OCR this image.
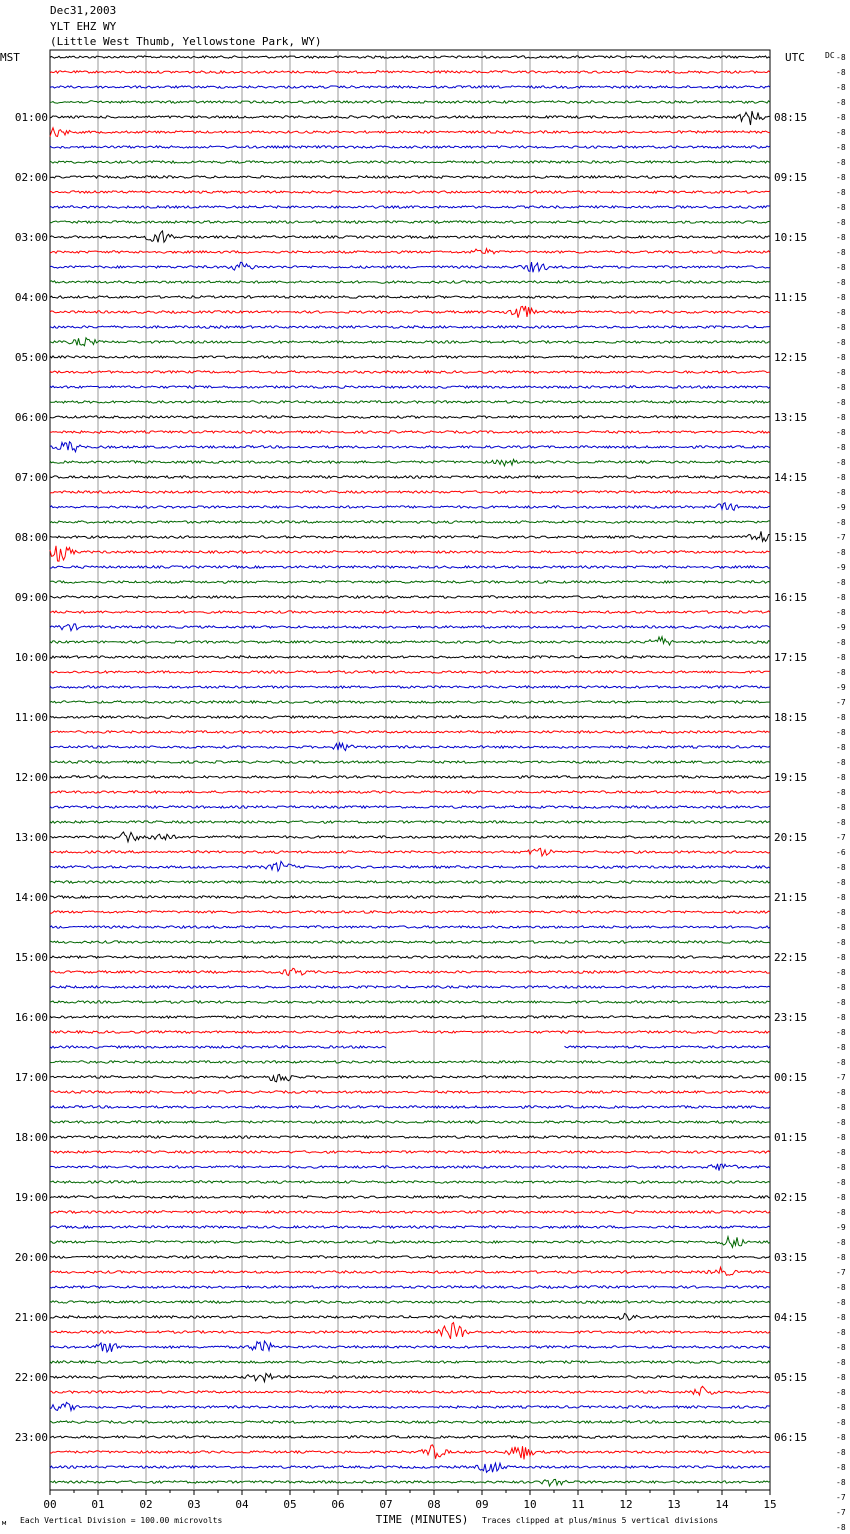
Dec31,2003
YLT EHZ WY
(Little West Thumb, Yellowstone Park, WY)
MST
01:00
02:00
03:00
04:00
05:00
06:00
07:00
08:00
09:00
10:00
11:00
12:00
13:00
14:00
15:00
16:00
17:00
18:00
19:00
20:00
21:00
22:00
23:00
UTC
08:15
09:15
10:15
11:15
12:15
13:15
14:15
15:15
16:15
17:15
18:15
19:15
20:15
21:15
22:15
23:15
00:15
01:15
02:15
03:15
04:15
05:15
06:15
DC -8
-8
-8
-8
-8
-8
-8
-8
-8
-8
-8
-8
-8
-8
-8
-8
-8
-8
-8
-8
-8
-8
-8
-8
-8
-8
-8
-8
-8
-8
-9
-8
-7
-8
-9
-8
-8
-8
-9
-8
-8
-8
-9
-7
-8
-8
-8
-8
-8
-8
-8
-8
-7
-6
-8
-8
-8
-8
-8
-8
-8
-8
-8
-8
-8
-8
-8
-8
-7
-8
-8
-8
-8
-8
-8
-8
-8
-8
-9
-8
-8
-7
-8
-8
-8
-8
-8
-8
-8
-8
-8
-8
-8
-8
-8
-8
-7
-7
-8
00	01	02	03	04	05	06	07	08	09	10	11	12	13	14	15
TIME (MINUTES)
м Each Vertical Division = 100.00 microvolts	Traces clipped at plus/minus 5 vertical divisions
